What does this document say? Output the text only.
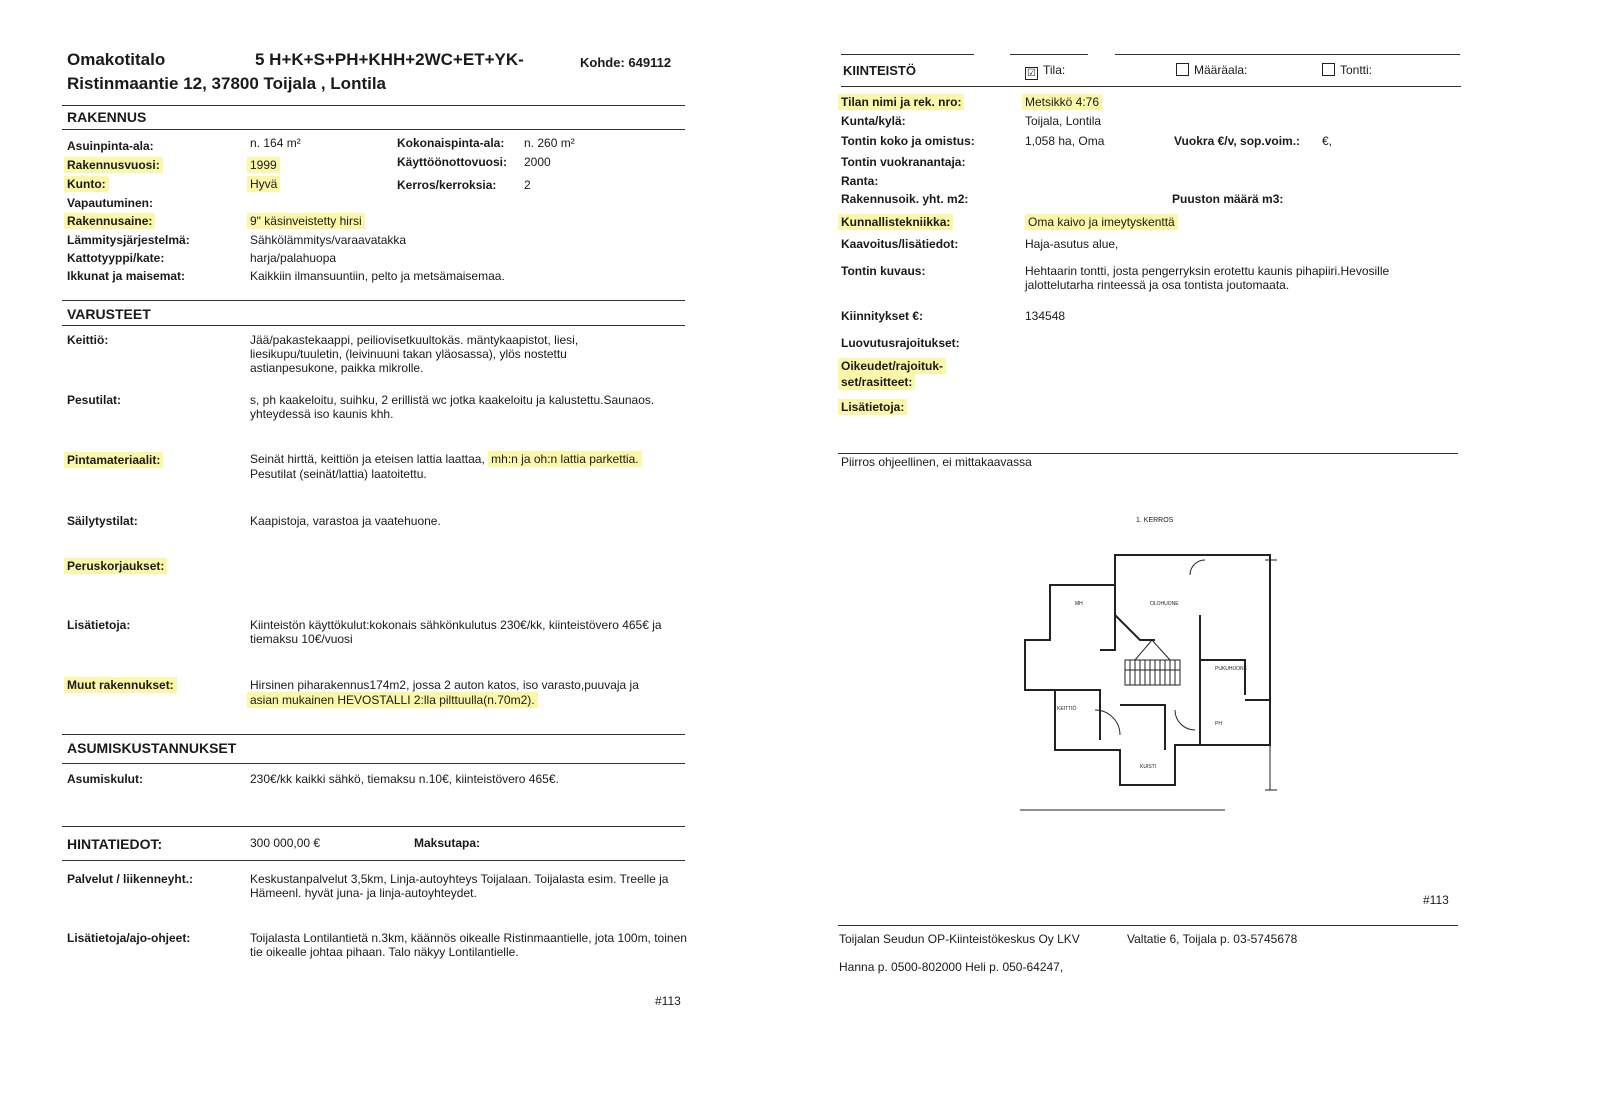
Omakotitalo	5 H+K+S+PH+KHH+2WC+ET+YK-	Kohde: 649112
Ristinmaantie 12, 37800 Toijala , Lontila
RAKENNUS
Asuinpinta-ala:	n. 164 m²	Kokonaispinta-ala: n. 260 m²
Rakennusvuosi:	1999	Käyttöönottovuosi: 2000
Kunto:	Hyvä	Kerros/kerroksia: 2
Vapautuminen:
Rakennusaine:	9" käsinveistetty hirsi
Lämmitysjärjestelmä:	Sähkölämmitys/varaavatakka
Kattotyyppi/kate:	harja/palahuopa
Ikkunat ja maisemat:	Kaikkiin ilmansuuntiin, pelto ja metsämaisemaa.
VARUSTEET
Keittiö:	Jää/pakastekaappi, peiliovisetkuultokäs. mäntykaapistot, liesi, liesikupu/tuuletin, (leivinuuni takan yläosassa), ylös nostettu astianpesukone, paikka mikrolle.
Pesutilat:	s, ph kaakeloitu, suihku, 2 erillistä wc jotka kaakeloitu ja kalustettu.Saunaos. yhteydessä iso kaunis khh.
Pintamateriaalit:	Seinät hirttä, keittiön ja eteisen lattia laattaa, mh:n ja oh:n lattia parkettia.
Pesutilat (seinät/lattia) laatoitettu.
Säilytystilat:	Kaapistoja, varastoa ja vaatehuone.
Peruskorjaukset:
Lisätietoja:	Kiinteistön käyttökulut:kokonais sähkönkulutus 230€/kk, kiinteistövero 465€ ja tiemaksu 10€/vuosi
Muut rakennukset:	Hirsinen piharakennus174m2, jossa 2 auton katos, iso varasto,puuvaja ja
asian mukainen HEVOSTALLI 2:lla pilttuulla(n.70m2).
ASUMISKUSTANNUKSET
Asumiskulut:	230€/kk kaikki sähkö, tiemaksu n.10€, kiinteistövero 465€.
HINTATIEDOT:	300 000,00 €	Maksutapa:
Palvelut / liikenneyht.:	Keskustanpalvelut 3,5km, Linja-autoyhteys Toijalaan. Toijalasta esim. Treelle ja Hämeenl. hyvät juna- ja linja-autoyhteydet.
Lisätietoja/ajo-ohjeet:	Toijalasta Lontilantietä n.3km, käännös oikealle Ristinmaantielle, jota 100m, toinen tie oikealle johtaa pihaan. Talo näkyy Lontilantielle.
#113
KIINTEISTÖ	☑ Tila:	Määräala:	Tontti:
Tilan nimi ja rek. nro:	Metsikkö 4:76
Kunta/kylä:	Toijala, Lontila
Tontin koko ja omistus:	1,058 ha, Oma	Vuokra €/v, sop.voim.: €,
Tontin vuokranantaja:
Ranta:
Rakennusoik. yht. m2:	Puuston määrä m3:
Kunnallistekniikka:	Oma kaivo ja imeytyskenttä
Kaavoitus/lisätiedot:	Haja-asutus alue,
Tontin kuvaus:	Hehtaarin tontti, josta pengerryksin erotettu kaunis pihapiiri.Hevosille jalottelutarha rinteessä ja osa tontista joutomaata.
Kiinnitykset €:	134548
Luovutusrajoitukset:
Oikeudet/rajoituk-
set/rasitteet:
Lisätietoja:
Piirros ohjeellinen, ei mittakaavassa
1. KERROS
#113
Toijalan Seudun OP-Kiinteistökeskus Oy LKV	Valtatie 6, Toijala p. 03-5745678
Hanna p. 0500-802000 Heli p. 050-64247,
MH	OLOHUONE
KEITTIÖ
KUISTI
PUKUHUONE
PH
